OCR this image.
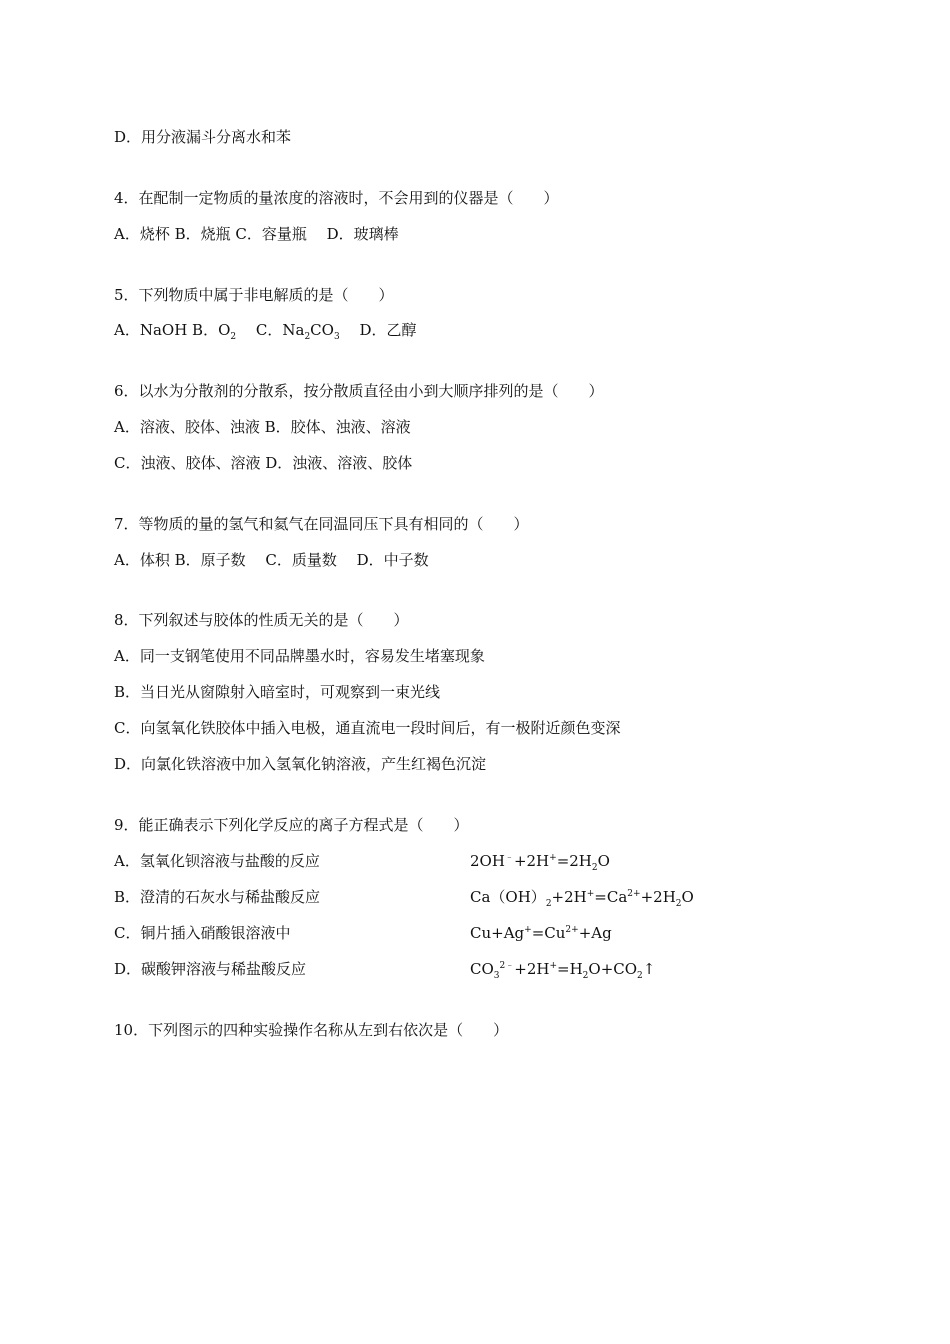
D．用分液漏斗分离水和苯
4．在配制一定物质的量浓度的溶液时，不会用到的仪器是（　　）
A．烧杯 B．烧瓶 C．容量瓶　 D．玻璃棒
5．下列物质中属于非电解质的是（　　）
A．NaOH B．$O_2$　 C．$Na_2CO_3$　 D．乙醇
6．以水为分散剂的分散系，按分散质直径由小到大顺序排列的是（　　）
A．溶液、胶体、浊液 B．胶体、浊液、溶液
C．浊液、胶体、溶液 D．浊液、溶液、胶体
7．等物质的量的氢气和氦气在同温同压下具有相同的（　　）
A．体积 B．原子数　 C．质量数　 D．中子数
8．下列叙述与胶体的性质无关的是（　　）
A．同一支钢笔使用不同品牌墨水时，容易发生堵塞现象
B．当日光从窗隙射入暗室时，可观察到一束光线
C．向氢氧化铁胶体中插入电极，通直流电一段时间后，有一极附近颜色变深
D．向氯化铁溶液中加入氢氧化钠溶液，产生红褐色沉淀
9．能正确表示下列化学反应的离子方程式是（　　）
A．氢氧化钡溶液与盐酸的反应	$2OH^﹣+2H^+=2H_2O$
B．澄清的石灰水与稀盐酸反应	$Ca(OH)_2+2H^+=Ca^{2+}+2H_2O$
C．铜片插入硝酸银溶液中	$Cu+Ag^+=Cu^{2+}+Ag$
D．碳酸钾溶液与稀盐酸反应	$CO_3^{2﹣}+2H^+=H_2O+CO_2↑$
10．下列图示的四种实验操作名称从左到右依次是（　　）
